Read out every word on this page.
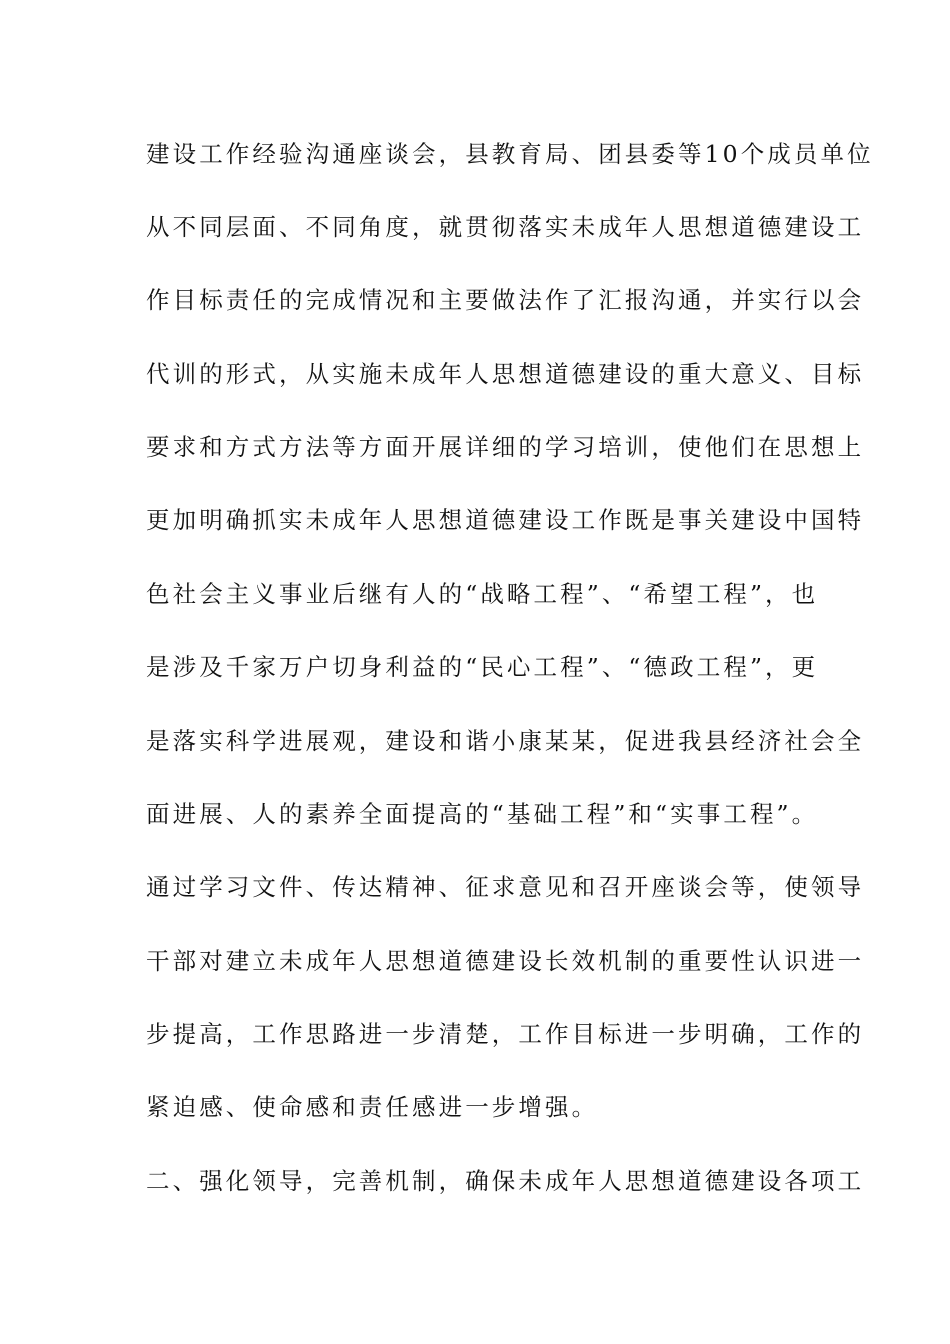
建设工作经验沟通座谈会，县教育局、团县委等10个成员单位
从不同层面、不同角度，就贯彻落实未成年人思想道德建设工
作目标责任的完成情况和主要做法作了汇报沟通，并实行以会
代训的形式，从实施未成年人思想道德建设的重大意义、目标
要求和方式方法等方面开展详细的学习培训，使他们在思想上
更加明确抓实未成年人思想道德建设工作既是事关建设中国特
色社会主义事业后继有人的“战略工程”、“希望工程”，也
是涉及千家万户切身利益的“民心工程”、“德政工程”，更
是落实科学进展观，建设和谐小康某某，促进我县经济社会全
面进展、人的素养全面提高的“基础工程”和“实事工程”。
通过学习文件、传达精神、征求意见和召开座谈会等，使领导
干部对建立未成年人思想道德建设长效机制的重要性认识进一
步提高，工作思路进一步清楚，工作目标进一步明确，工作的
紧迫感、使命感和责任感进一步增强。
二、强化领导，完善机制，确保未成年人思想道德建设各项工
